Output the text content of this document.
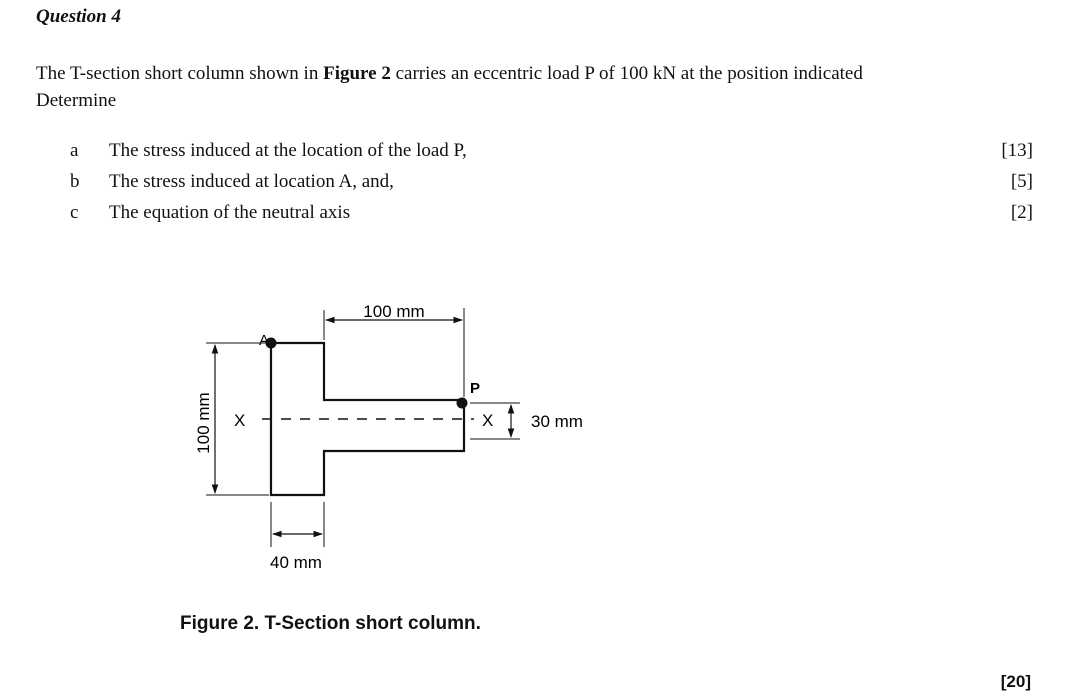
Question 4
The T-section short column shown in Figure 2 carries an eccentric load P of 100 kN at the position indicated
Determine
a The stress induced at the location of the load P,	[13]
b The stress induced at location A, and,	[5]
c The equation of the neutral axis	[2]
X	X
A
P
100 mm
100 mm	30 mm
40 mm
Figure 2. T-Section short column.
[20]
